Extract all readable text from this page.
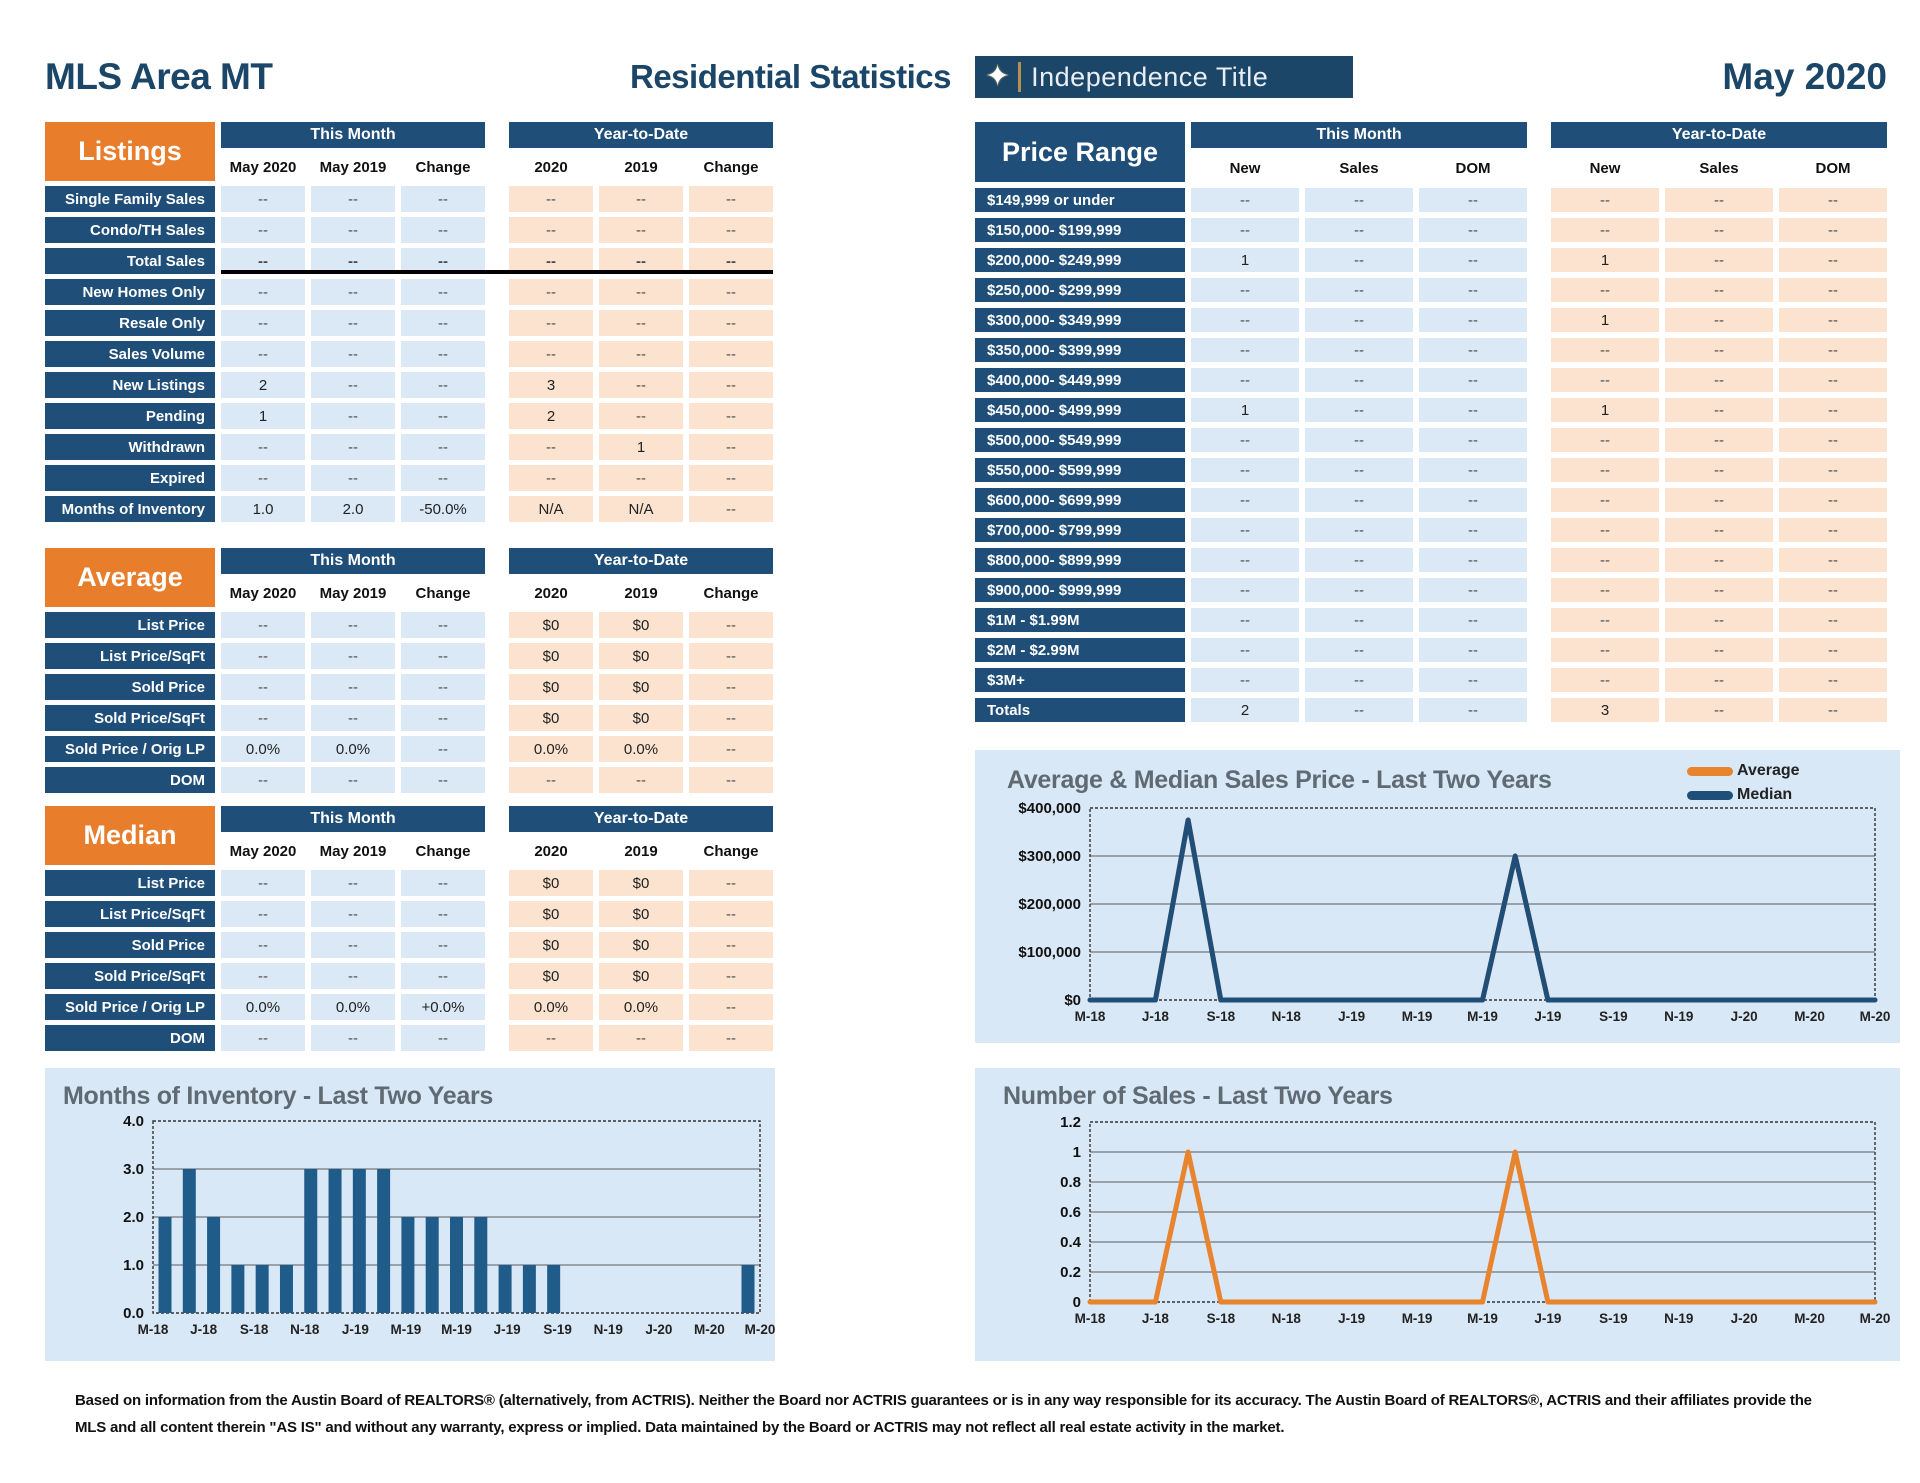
MLS Area MT	Residential Statistics ✦ Independence Title	May 2020
Listings
This Month	Year-to-Date
May 2020	May 2019	Change	2020	2019	Change
Single Family Sales	--	--	--	--	--	--
Condo/TH Sales	--	--	--	--	--	--
Total Sales	--	--	--	--	--	--
New Homes Only	--	--	--	--	--	--
Resale Only	--	--	--	--	--	--
Sales Volume	--	--	--	--	--	--
New Listings	2	--	--	3	--	--
Pending	1	--	--	2	--	--
Withdrawn	--	--	--	--	1	--
Expired	--	--	--	--	--	--
Months of Inventory	1.0	2.0	-50.0%	N/A	N/A	--
Average
This Month	Year-to-Date
May 2020	May 2019	Change	2020	2019	Change
List Price	--	--	--	$0	$0	--
List Price/SqFt	--	--	--	$0	$0	--
Sold Price	--	--	--	$0	$0	--
Sold Price/SqFt	--	--	--	$0	$0	--
Sold Price / Orig LP	0.0%	0.0%	--	0.0%	0.0%	--
DOM	--	--	--	--	--	--
Median
This Month	Year-to-Date
May 2020	May 2019	Change	2020	2019	Change
List Price	--	--	--	$0	$0	--
List Price/SqFt	--	--	--	$0	$0	--
Sold Price	--	--	--	$0	$0	--
Sold Price/SqFt	--	--	--	$0	$0	--
Sold Price / Orig LP	0.0%	0.0%	+0.0%	0.0%	0.0%	--
DOM	--	--	--	--	--	--
Price Range
This Month	Year-to-Date
New	Sales	DOM	New	Sales	DOM
$149,999 or under	--	--	--	--	--	--
$150,000- $199,999	--	--	--	--	--	--
$200,000- $249,999	1	--	--	1	--	--
$250,000- $299,999	--	--	--	--	--	--
$300,000- $349,999	--	--	--	1	--	--
$350,000- $399,999	--	--	--	--	--	--
$400,000- $449,999	--	--	--	--	--	--
$450,000- $499,999	1	--	--	1	--	--
$500,000- $549,999	--	--	--	--	--	--
$550,000- $599,999	--	--	--	--	--	--
$600,000- $699,999	--	--	--	--	--	--
$700,000- $799,999	--	--	--	--	--	--
$800,000- $899,999	--	--	--	--	--	--
$900,000- $999,999	--	--	--	--	--	--
$1M - $1.99M	--	--	--	--	--	--
$2M - $2.99M	--	--	--	--	--	--
$3M+	--	--	--	--	--	--
Totals	2	--	--	3	--	--
Average & Median Sales Price - Last Two Years	Average
Median
$400,000
$300,000
$200,000
$100,000
$0
M-18	J-18	S-18	N-18	J-19	M-19	M-19	J-19	S-19	N-19	J-20	M-20	M-20
Months of Inventory - Last Two Years
4.0
3.0
2.0
1.0
0.0
M-18 J-18 S-18 N-18 J-19 M-19 M-19 J-19 S-19 N-19 J-20 M-20 M-20
Number of Sales - Last Two Years
1.2
1
0.8
0.6
0.4
0.2
0
M-18	J-18	S-18	N-18	J-19	M-19	M-19	J-19	S-19	N-19	J-20	M-20	M-20
Based on information from the Austin Board of REALTORS® (alternatively, from ACTRIS). Neither the Board nor ACTRIS guarantees or is in any way responsible for its accuracy. The Austin Board of REALTORS®, ACTRIS and their affiliates provide the
MLS and all content therein "AS IS" and without any warranty, express or implied. Data maintained by the Board or ACTRIS may not reflect all real estate activity in the market.
